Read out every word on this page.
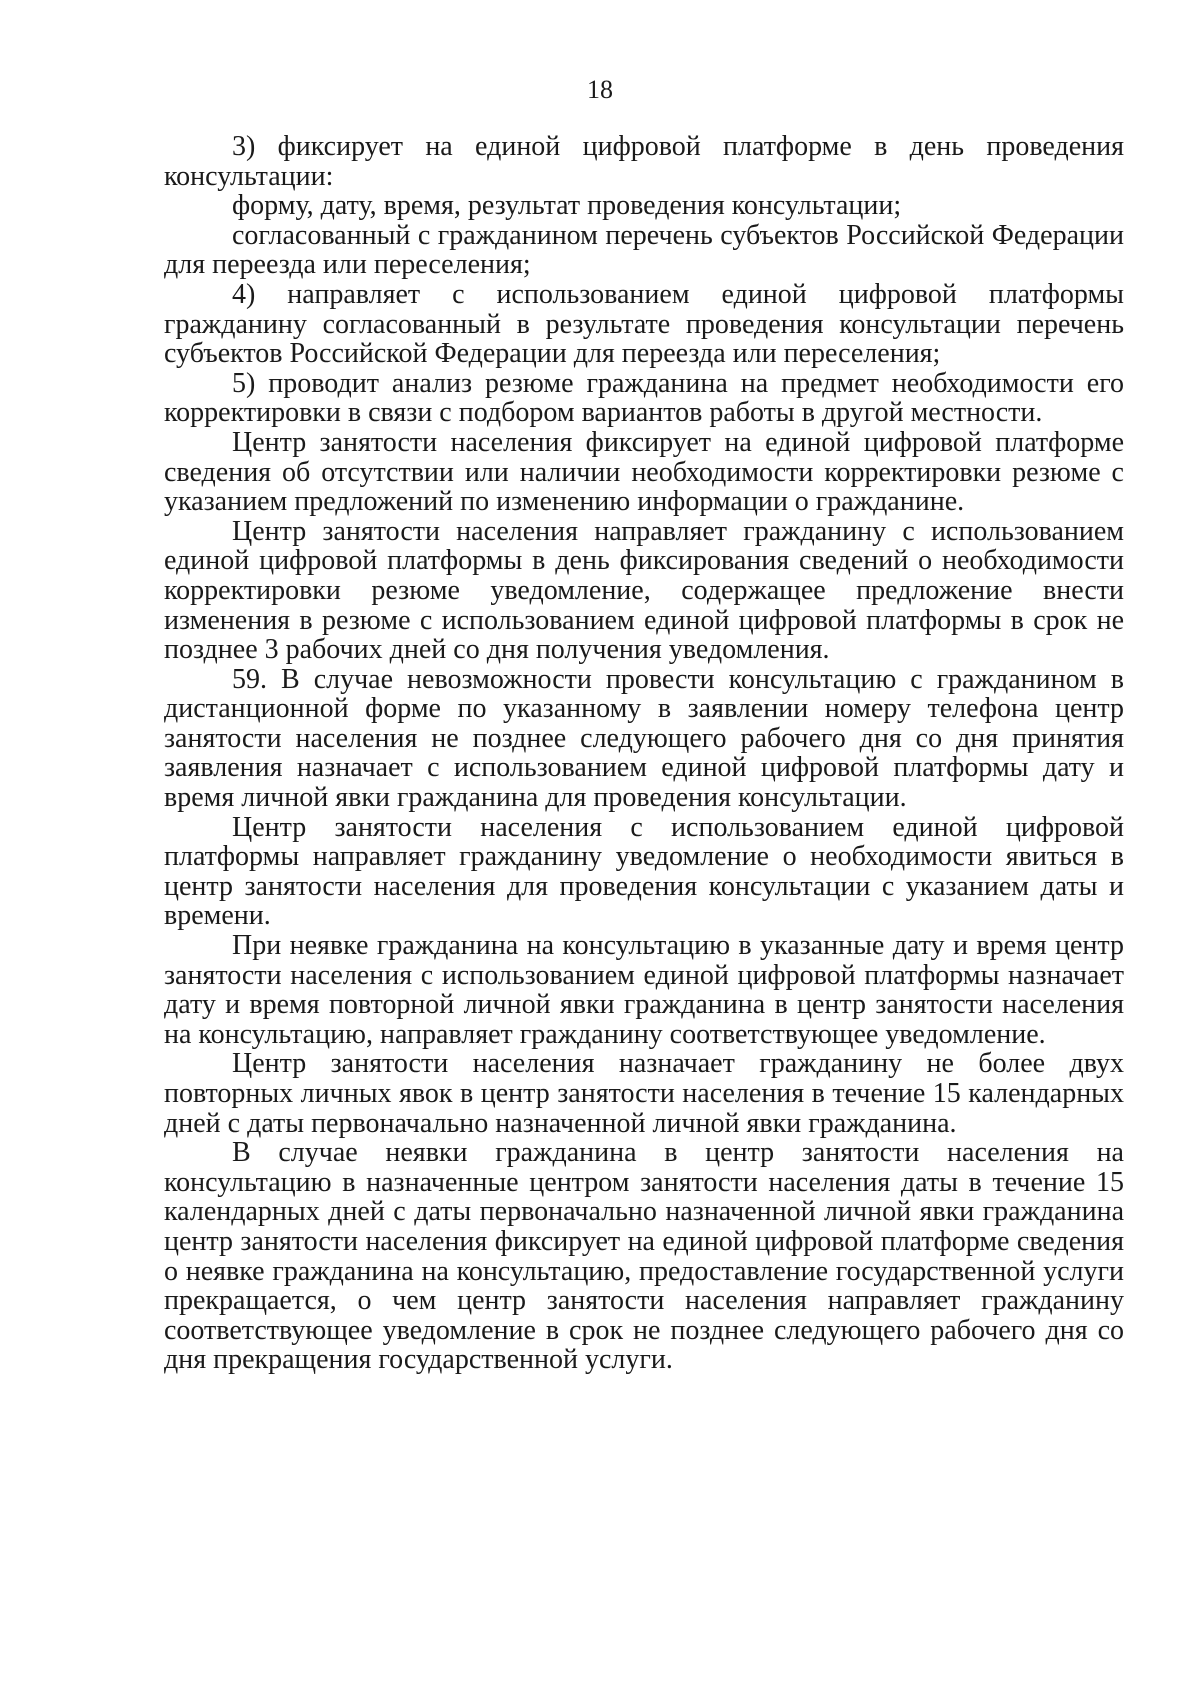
18

3) фиксирует на единой цифровой платформе в день проведения консультации:

форму, дату, время, результат проведения консультации;

согласованный с гражданином перечень субъектов Российской Федерации для переезда или переселения;

4) направляет с использованием единой цифровой платформы гражданину согласованный в результате проведения консультации перечень субъектов Российской Федерации для переезда или переселения;

5) проводит анализ резюме гражданина на предмет необходимости его корректировки в связи с подбором вариантов работы в другой местности.

Центр занятости населения фиксирует на единой цифровой платформе сведения об отсутствии или наличии необходимости корректировки резюме с указанием предложений по изменению информации о гражданине.

Центр занятости населения направляет гражданину с использованием единой цифровой платформы в день фиксирования сведений о необходимости корректировки резюме уведомление, содержащее предложение внести изменения в резюме с использованием единой цифровой платформы в срок не позднее 3 рабочих дней со дня получения уведомления.

59. В случае невозможности провести консультацию с гражданином в дистанционной форме по указанному в заявлении номеру телефона центр занятости населения не позднее следующего рабочего дня со дня принятия заявления назначает с использованием единой цифровой платформы дату и время личной явки гражданина для проведения консультации.

Центр занятости населения с использованием единой цифровой платформы направляет гражданину уведомление о необходимости явиться в центр занятости населения для проведения консультации с указанием даты и времени.

При неявке гражданина на консультацию в указанные дату и время центр занятости населения с использованием единой цифровой платформы назначает дату и время повторной личной явки гражданина в центр занятости населения на консультацию, направляет гражданину соответствующее уведомление.

Центр занятости населения назначает гражданину не более двух повторных личных явок в центр занятости населения в течение 15 календарных дней с даты первоначально назначенной личной явки гражданина.

В случае неявки гражданина в центр занятости населения на консультацию в назначенные центром занятости населения даты в течение 15 календарных дней с даты первоначально назначенной личной явки гражданина центр занятости населения фиксирует на единой цифровой платформе сведения о неявке гражданина на консультацию, предоставление государственной услуги прекращается, о чем центр занятости населения направляет гражданину соответствующее уведомление в срок не позднее следующего рабочего дня со дня прекращения государственной услуги.
